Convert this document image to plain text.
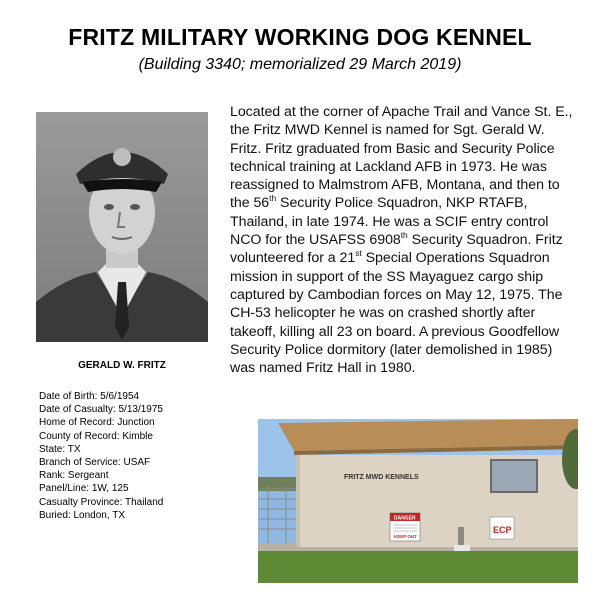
FRITZ MILITARY WORKING DOG KENNEL
(Building 3340; memorialized 29 March 2019)
GERALD W. FRITZ
Date of Birth: 5/6/1954
Date of Casualty: 5/13/1975
Home of Record: Junction
County of Record: Kimble
State: TX
Branch of Service: USAF
Rank: Sergeant
Panel/Line: 1W, 125
Casualty Province: Thailand
Buried: London, TX
Located at the corner of Apache Trail and Vance St. E., the Fritz MWD Kennel is named for Sgt. Gerald W. Fritz. Fritz graduated from Basic and Security Police technical training at Lackland AFB in 1973. He was reassigned to Malmstrom AFB, Montana, and then to the 56th Security Police Squadron, NKP RTAFB, Thailand, in late 1974. He was a SCIF entry control NCO for the USAFSS 6908th Security Squadron. Fritz volunteered for a 21st Special Operations Squadron mission in support of the SS Mayaguez cargo ship captured by Cambodian forces on May 12, 1975. The CH-53 helicopter he was on crashed shortly after takeoff, killing all 23 on board. A previous Goodfellow Security Police dormitory (later demolished in 1985) was named Fritz Hall in 1980.
FRITZ MWD KENNELS
DANGER
KEEP OUT
ECP
